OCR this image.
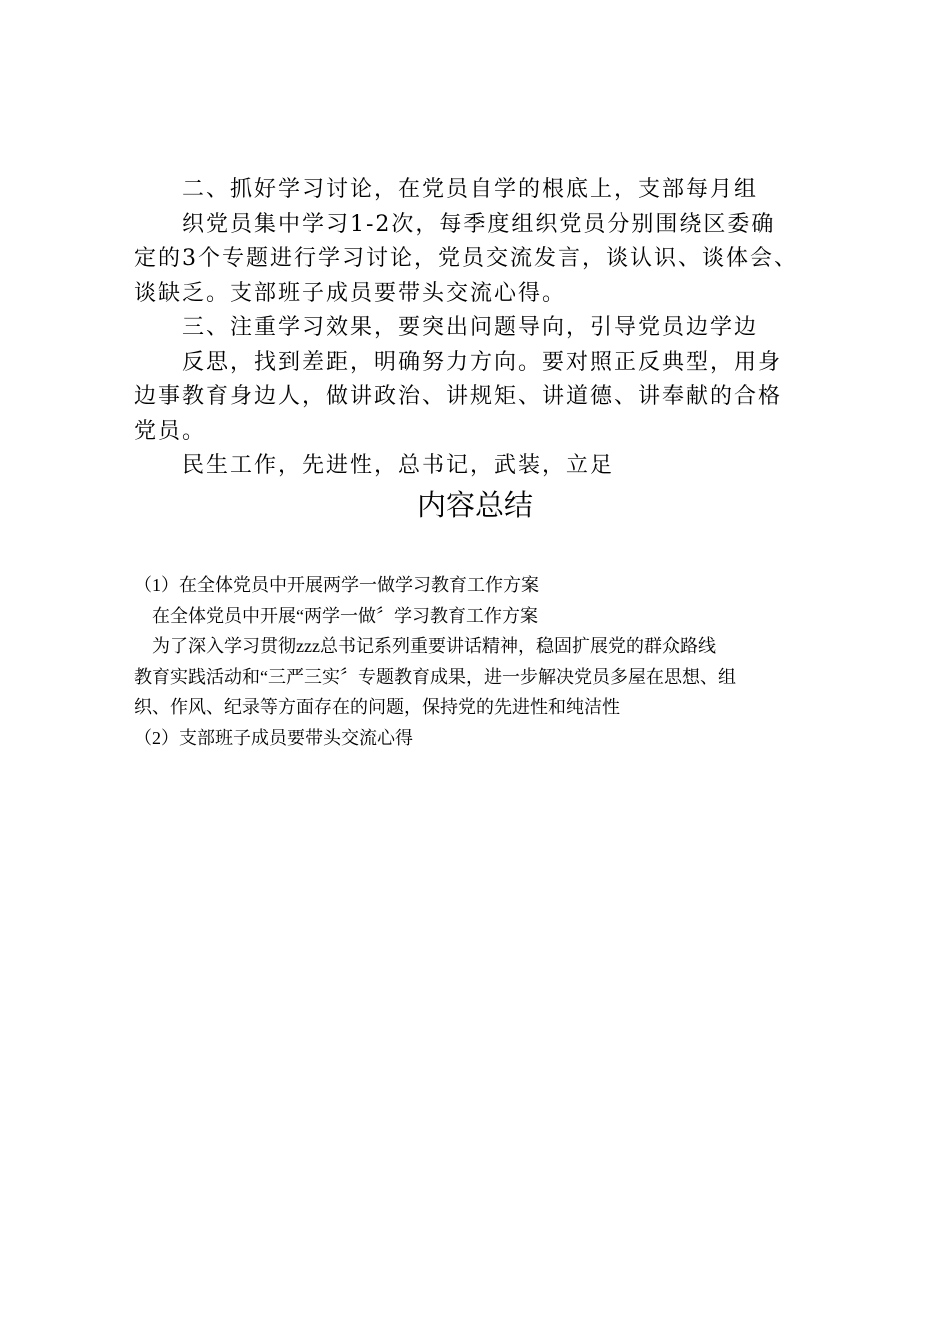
二、抓好学习讨论，在党员自学的根底上，支部每月组

织党员集中学习1-2次，每季度组织党员分别围绕区委确

定的3个专题进行学习讨论，党员交流发言，谈认识、谈体会、

谈缺乏。支部班子成员要带头交流心得。

三、注重学习效果，要突出问题导向，引导党员边学边

反思，找到差距，明确努力方向。要对照正反典型，用身

边事教育身边人，做讲政治、讲规矩、讲道德、讲奉献的合格

党员。

民生工作，先进性，总书记，武装，立足

内容总结

（1）在全体党员中开展两学一做学习教育工作方案

在全体党员中开展“两学一做〞学习教育工作方案

为了深入学习贯彻zzz总书记系列重要讲话精神，稳固扩展党的群众路线

教育实践活动和“三严三实〞专题教育成果，进一步解决党员多屋在思想、组

织、作风、纪录等方面存在的问题，保持党的先进性和纯洁性

（2）支部班子成员要带头交流心得
